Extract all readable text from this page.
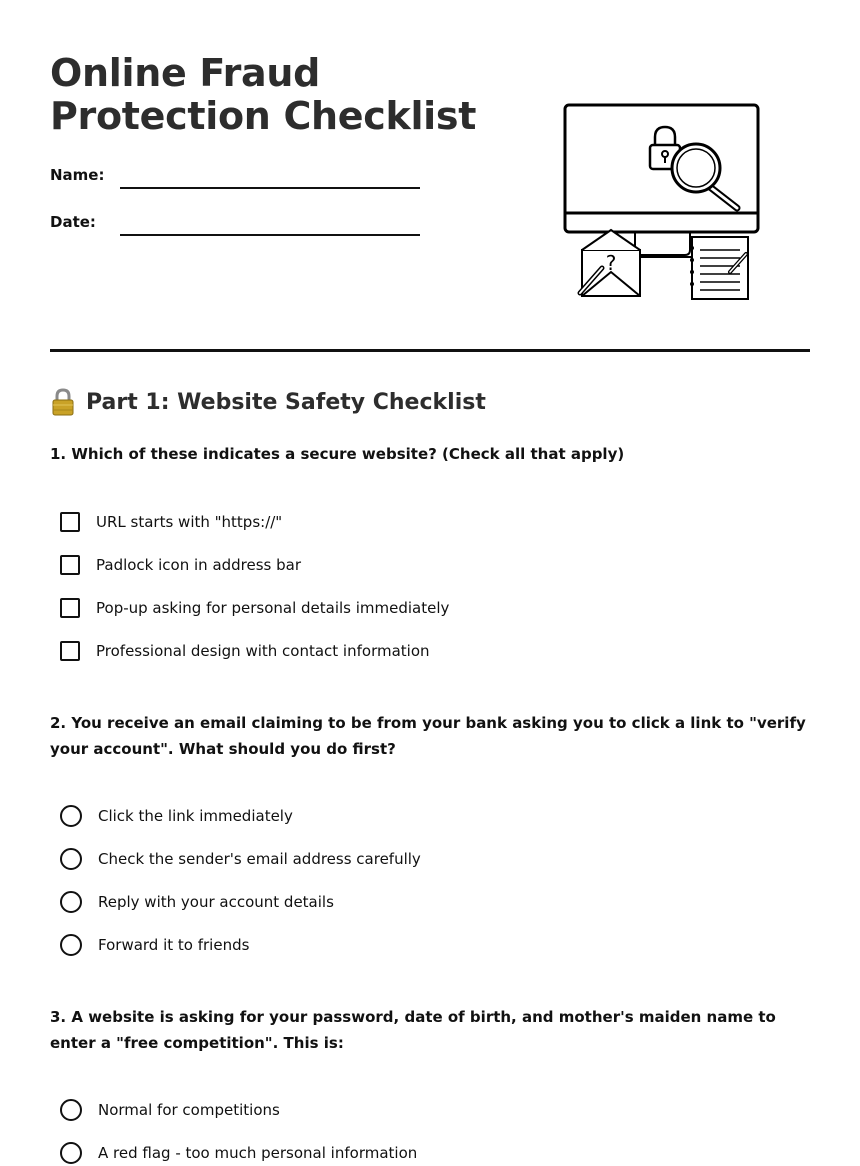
Online Fraud Protection Checklist
Name:
Date:
?
Part 1: Website Safety Checklist

1. Which of these indicates a secure website? (Check all that apply)

URL starts with "https://"
Padlock icon in address bar
Pop-up asking for personal details immediately
Professional design with contact information

2. You receive an email claiming to be from your bank asking you to click a link to "verify your account". What should you do first?

Click the link immediately
Check the sender's email address carefully
Reply with your account details
Forward it to friends

3. A website is asking for your password, date of birth, and mother's maiden name to enter a "free competition". This is:

Normal for competitions
A red flag - too much personal information
